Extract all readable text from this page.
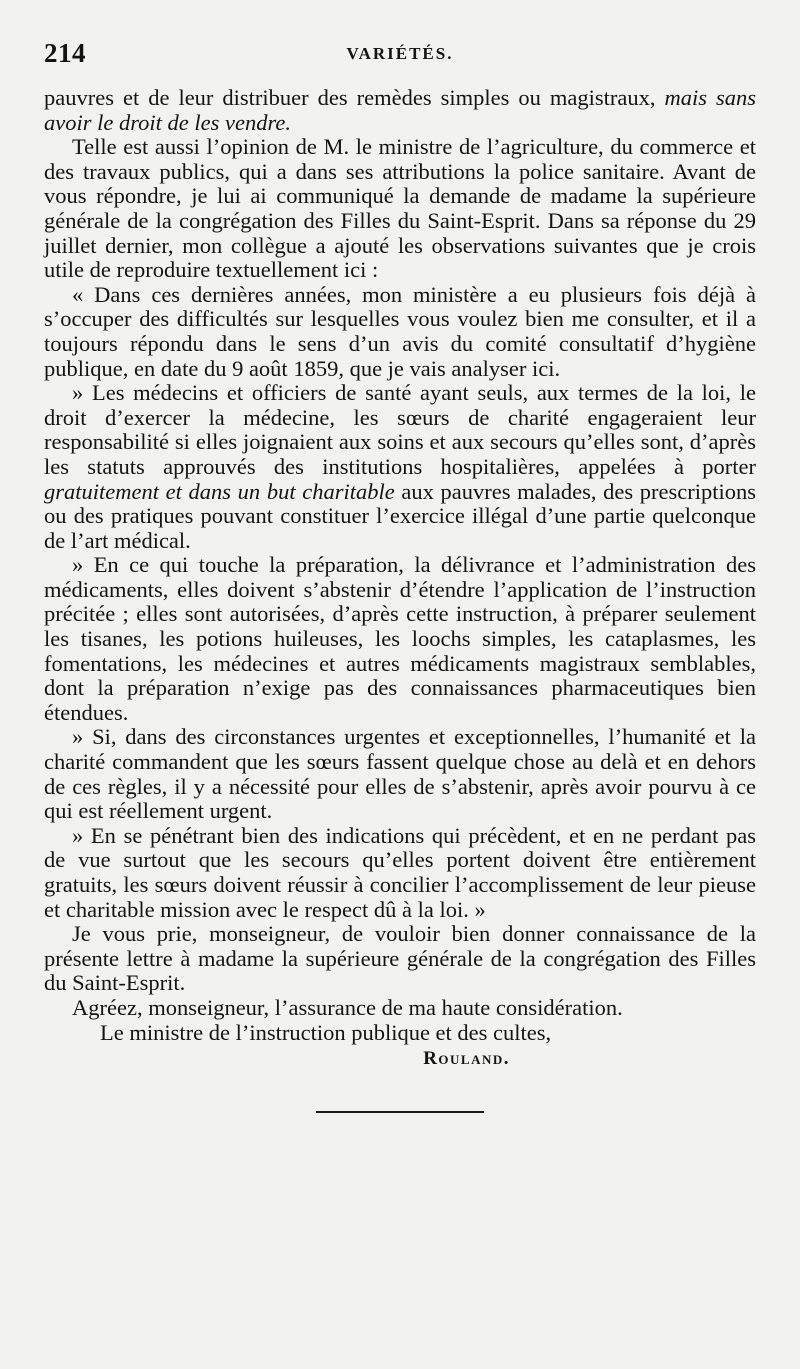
214	VARIÉTÉS.

pauvres et de leur distribuer des remèdes simples ou magistraux, mais sans avoir le droit de les vendre.

Telle est aussi l’opinion de M. le ministre de l’agriculture, du commerce et des travaux publics, qui a dans ses attributions la police sanitaire. Avant de vous répondre, je lui ai communiqué la demande de madame la supérieure générale de la congrégation des Filles du Saint-Esprit. Dans sa réponse du 29 juillet dernier, mon collègue a ajouté les observations suivantes que je crois utile de reproduire textuellement ici :

« Dans ces dernières années, mon ministère a eu plusieurs fois déjà à s’occuper des difficultés sur lesquelles vous voulez bien me consulter, et il a toujours répondu dans le sens d’un avis du comité consultatif d’hygiène publique, en date du 9 août 1859, que je vais analyser ici.

» Les médecins et officiers de santé ayant seuls, aux termes de la loi, le droit d’exercer la médecine, les sœurs de charité engageraient leur responsabilité si elles joignaient aux soins et aux secours qu’elles sont, d’après les statuts approuvés des institutions hospitalières, appelées à porter gratuitement et dans un but charitable aux pauvres malades, des prescriptions ou des pratiques pouvant constituer l’exercice illégal d’une partie quelconque de l’art médical.

» En ce qui touche la préparation, la délivrance et l’administration des médicaments, elles doivent s’abstenir d’étendre l’application de l’instruction précitée ; elles sont autorisées, d’après cette instruction, à préparer seulement les tisanes, les potions huileuses, les loochs simples, les cataplasmes, les fomentations, les médecines et autres médicaments magistraux semblables, dont la préparation n’exige pas des connaissances pharmaceutiques bien étendues.

» Si, dans des circonstances urgentes et exceptionnelles, l’humanité et la charité commandent que les sœurs fassent quelque chose au delà et en dehors de ces règles, il y a nécessité pour elles de s’abstenir, après avoir pourvu à ce qui est réellement urgent.

» En se pénétrant bien des indications qui précèdent, et en ne perdant pas de vue surtout que les secours qu’elles portent doivent être entièrement gratuits, les sœurs doivent réussir à concilier l’accomplissement de leur pieuse et charitable mission avec le respect dû à la loi. »

Je vous prie, monseigneur, de vouloir bien donner connaissance de la présente lettre à madame la supérieure générale de la congrégation des Filles du Saint-Esprit.

Agréez, monseigneur, l’assurance de ma haute considération.

Le ministre de l’instruction publique et des cultes,

Rouland.
